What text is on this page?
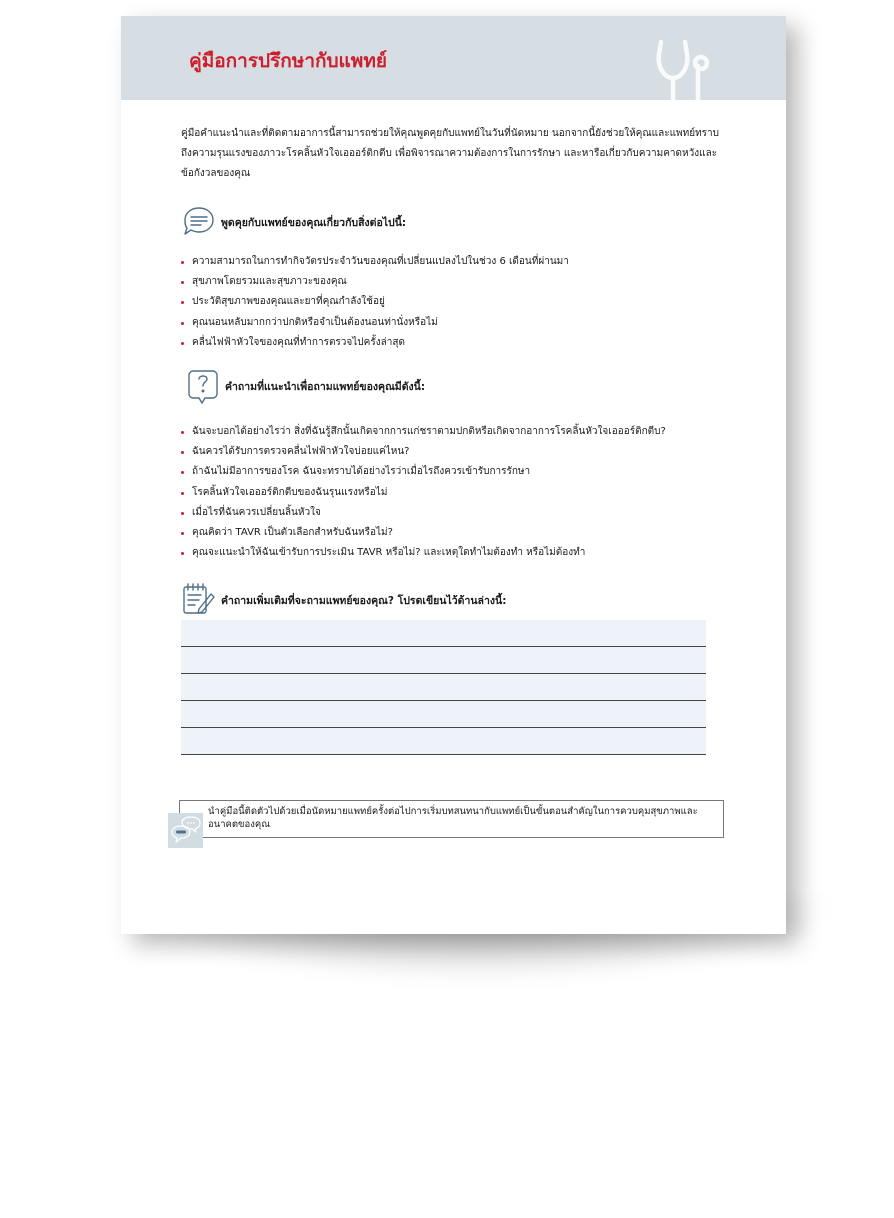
คู่มือการปรึกษากับแพทย์
คู่มือคำแนะนำและที่ติดตามอาการนี้สามารถช่วยให้คุณพูดคุยกับแพทย์ในวันที่นัดหมาย นอกจากนี้ยังช่วยให้คุณและแพทย์ทราบถึงความรุนแรงของภาวะโรคลิ้นหัวใจเอออร์ติกตีบ เพื่อพิจารณาความต้องการในการรักษา และหารือเกี่ยวกับความคาดหวังและข้อกังวลของคุณ
พูดคุยกับแพทย์ของคุณเกี่ยวกับสิ่งต่อไปนี้:
ความสามารถในการทำกิจวัตรประจำวันของคุณที่เปลี่ยนแปลงไปในช่วง 6 เดือนที่ผ่านมา
สุขภาพโดยรวมและสุขภาวะของคุณ
ประวัติสุขภาพของคุณและยาที่คุณกำลังใช้อยู่
คุณนอนหลับมากกว่าปกติหรือจำเป็นต้องนอนท่านั่งหรือไม่
คลื่นไฟฟ้าหัวใจของคุณที่ทำการตรวจไปครั้งล่าสุด
คำถามที่แนะนำเพื่อถามแพทย์ของคุณมีดังนี้:
ฉันจะบอกได้อย่างไรว่า สิ่งที่ฉันรู้สึกนั้นเกิดจากการแก่ชราตามปกติหรือเกิดจากอาการโรคลิ้นหัวใจเอออร์ติกตีบ?
ฉันควรได้รับการตรวจคลื่นไฟฟ้าหัวใจบ่อยแค่ไหน?
ถ้าฉันไม่มีอาการของโรค ฉันจะทราบได้อย่างไรว่าเมื่อไรถึงควรเข้ารับการรักษา
โรคลิ้นหัวใจเอออร์ติกตีบของฉันรุนแรงหรือไม่
เมื่อไรที่ฉันควรเปลี่ยนลิ้นหัวใจ
คุณคิดว่า TAVR เป็นตัวเลือกสำหรับฉันหรือไม่?
คุณจะแนะนำให้ฉันเข้ารับการประเมิน TAVR หรือไม่? และเหตุใดทำไมต้องทำ หรือไม่ต้องทำ
คำถามเพิ่มเติมที่จะถามแพทย์ของคุณ? โปรดเขียนไว้ด้านล่างนี้:
นำคู่มือนี้ติดตัวไปด้วยเมื่อนัดหมายแพทย์ครั้งต่อไปการเริ่มบทสนทนากับแพทย์เป็นขั้นตอนสำคัญในการควบคุมสุขภาพและอนาคตของคุณ
